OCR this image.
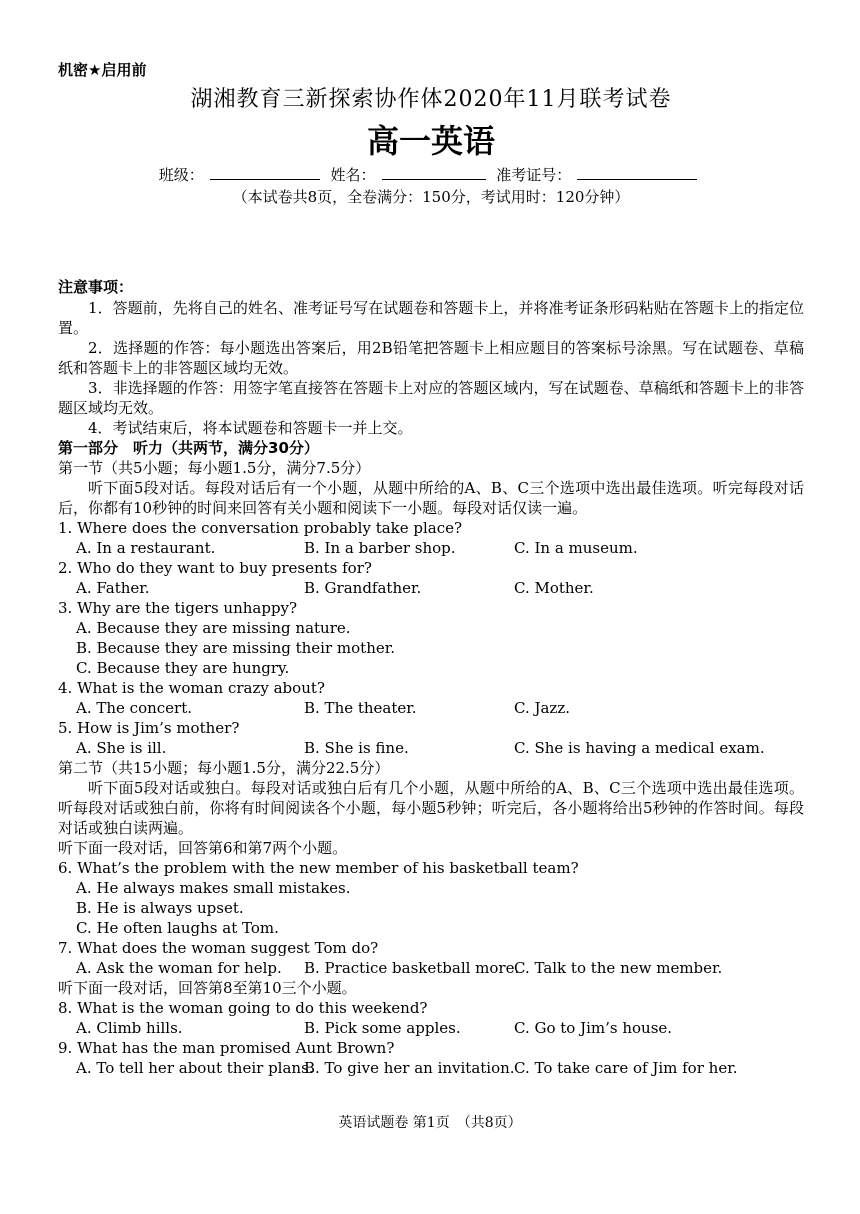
机密★启用前
湖湘教育三新探索协作体2020年11月联考试卷
高一英语
班级：	姓名：	准考证号：
（本试卷共8页，全卷满分：150分，考试用时：120分钟）
注意事项：
1．答题前，先将自己的姓名、准考证号写在试题卷和答题卡上，并将准考证条形码粘贴在答题卡上的指定位置。
2．选择题的作答：每小题选出答案后，用2B铅笔把答题卡上相应题目的答案标号涂黑。写在试题卷、草稿纸和答题卡上的非答题区域均无效。
3．非选择题的作答：用签字笔直接答在答题卡上对应的答题区域内，写在试题卷、草稿纸和答题卡上的非答题区域均无效。
4．考试结束后，将本试题卷和答题卡一并上交。
第一部分　听力（共两节，满分30分）
第一节（共5小题；每小题1.5分，满分7.5分）
听下面5段对话。每段对话后有一个小题，从题中所给的A、B、C三个选项中选出最佳选项。听完每段对话后，你都有10秒钟的时间来回答有关小题和阅读下一小题。每段对话仅读一遍。
1. Where does the conversation probably take place?
A. In a restaurant.	B. In a barber shop.	C. In a museum.
2. Who do they want to buy presents for?
A. Father.	B. Grandfather.	C. Mother.
3. Why are the tigers unhappy?
A. Because they are missing nature.
B. Because they are missing their mother.
C. Because they are hungry.
4. What is the woman crazy about?
A. The concert.	B. The theater.	C. Jazz.
5. How is Jim’s mother?
A. She is ill.	B. She is fine.	C. She is having a medical exam.
第二节（共15小题；每小题1.5分，满分22.5分）
听下面5段对话或独白。每段对话或独白后有几个小题，从题中所给的A、B、C三个选项中选出最佳选项。听每段对话或独白前，你将有时间阅读各个小题，每小题5秒钟；听完后，各小题将给出5秒钟的作答时间。每段对话或独白读两遍。
听下面一段对话，回答第6和第7两个小题。
6. What’s the problem with the new member of his basketball team?
A. He always makes small mistakes.
B. He is always upset.
C. He often laughs at Tom.
7. What does the woman suggest Tom do?
A. Ask the woman for help.	B. Practice basketball more.
C. Talk to the new member.
听下面一段对话，回答第8至第10三个小题。
8. What is the woman going to do this weekend?
A. Climb hills.	B. Pick some apples.	C. Go to Jim’s house.
9. What has the man promised Aunt Brown?
A. To tell her about their plans.
B. To give her an invitation. C. To take care of Jim for her.
英语试题卷 第1页　（共8页）
